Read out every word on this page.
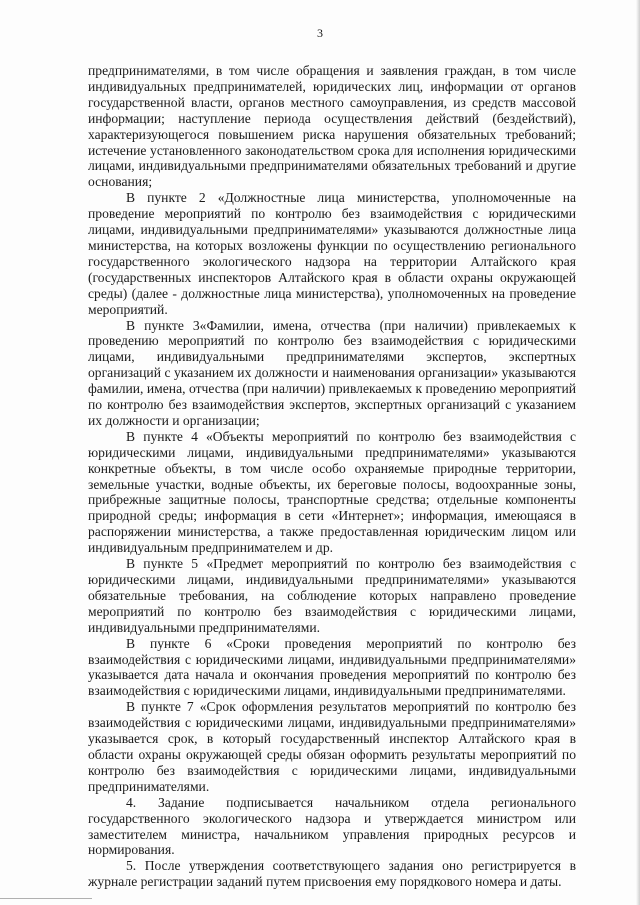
3

предпринимателями, в том числе обращения и заявления граждан, в том числе индивидуальных предпринимателей, юридических лиц, информации от органов государственной власти, органов местного самоуправления, из средств массовой информации; наступление периода осуществления действий (бездействий), характеризующегося повышением риска нарушения обязательных требований; истечение установленного законодательством срока для исполнения юридическими лицами, индивидуальными предпринимателями обязательных требований и другие основания;

В пункте 2 «Должностные лица министерства, уполномоченные на проведение мероприятий по контролю без взаимодействия с юридическими лицами, индивидуальными предпринимателями» указываются должностные лица министерства, на которых возложены функции по осуществлению регионального государственного экологического надзора на территории Алтайского края (государственных инспекторов Алтайского края в области охраны окружающей среды) (далее - должностные лица министерства), уполномоченных на проведение мероприятий.

В пункте 3«Фамилии, имена, отчества (при наличии) привлекаемых к проведению мероприятий по контролю без взаимодействия с юридическими лицами, индивидуальными предпринимателями экспертов, экспертных организаций с указанием их должности и наименования организации» указываются фамилии, имена, отчества (при наличии) привлекаемых к проведению мероприятий по контролю без взаимодействия экспертов, экспертных организаций с указанием их должности и организации;

В пункте 4 «Объекты мероприятий по контролю без взаимодействия с юридическими лицами, индивидуальными предпринимателями» указываются конкретные объекты, в том числе особо охраняемые природные территории, земельные участки, водные объекты, их береговые полосы, водоохранные зоны, прибрежные защитные полосы, транспортные средства; отдельные компоненты природной среды; информация в сети «Интернет»; информация, имеющаяся в распоряжении министерства, а также предоставленная юридическим лицом или индивидуальным предпринимателем и др.

В пункте 5 «Предмет мероприятий по контролю без взаимодействия с юридическими лицами, индивидуальными предпринимателями» указываются обязательные требования, на соблюдение которых направлено проведение мероприятий по контролю без взаимодействия с юридическими лицами, индивидуальными предпринимателями.

В пункте 6 «Сроки проведения мероприятий по контролю без взаимодействия с юридическими лицами, индивидуальными предпринимателями» указывается дата начала и окончания проведения мероприятий по контролю без взаимодействия с юридическими лицами, индивидуальными предпринимателями.

В пункте 7 «Срок оформления результатов мероприятий по контролю без взаимодействия с юридическими лицами, индивидуальными предпринимателями» указывается срок, в который государственный инспектор Алтайского края в области охраны окружающей среды обязан оформить результаты мероприятий по контролю без взаимодействия с юридическими лицами, индивидуальными предпринимателями.

4. Задание подписывается начальником отдела регионального государственного экологического надзора и утверждается министром или заместителем министра, начальником управления природных ресурсов и нормирования.

5. После утверждения соответствующего задания оно регистрируется в журнале регистрации заданий путем присвоения ему порядкового номера и даты.
